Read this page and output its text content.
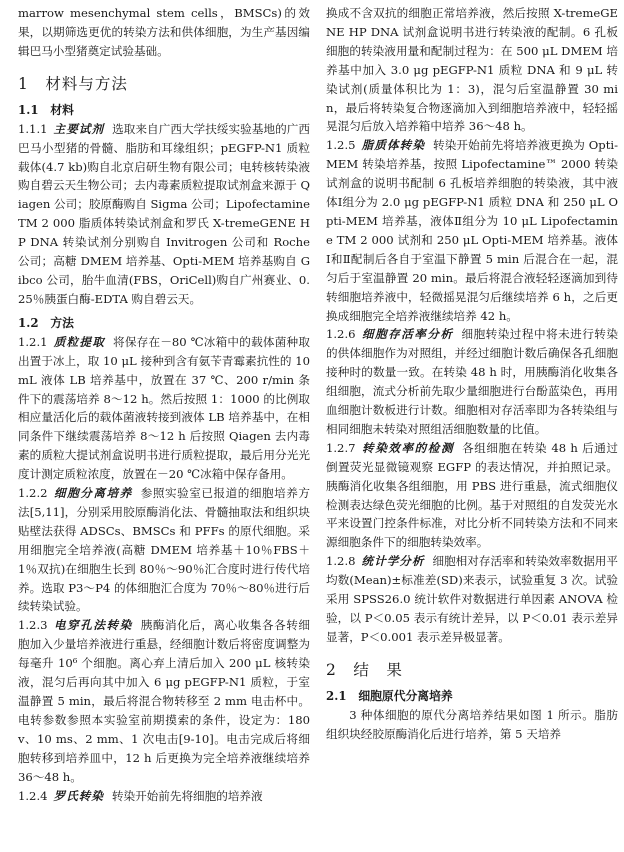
marrow mesenchymal stem cells，BMSCs)的效果，以期筛选更优的转染方法和供体细胞，为生产基因编辑巴马小型猪奠定试验基础。

1　材料与方法
1.1　材料

1.1.1 主要试剂 选取来自广西大学扶绥实验基地的广西巴马小型猪的骨髓、脂肪和耳缘组织；pEGFP-N1 质粒载体(4.7 kb)购自北京启研生物有限公司；电转核转染液购自碧云天生物公司；去内毒素质粒提取试剂盒来源于 Qiagen 公司；胶原酶购自 Sigma 公司；Lipofectamine TM 2 000 脂质体转染试剂盒和罗氏 X-tremeGENE HP DNA 转染试剂分别购自 Invitrogen 公司和 Roche 公司；高糖 DMEM 培养基、Opti-MEM 培养基购自 Gibco 公司，胎牛血清(FBS，OriCell)购自广州赛业、0.25％胰蛋白酶-EDTA 购自碧云天。

1.2　方法

1.2.1 质粒提取 将保存在－80 ℃冰箱中的载体菌种取出置于冰上，取 10 μL 接种到含有氨苄青霉素抗性的 10 mL 液体 LB 培养基中，放置在 37 ℃、200 r/min 条件下的震荡培养 8～12 h。然后按照 1：1000 的比例取相应量活化后的载体菌液转接到液体 LB 培养基中，在相同条件下继续震荡培养 8～12 h 后按照 Qiagen 去内毒素的质粒大提试剂盒说明书进行质粒提取，最后用分光光度计测定质粒浓度，放置在－20 ℃冰箱中保存备用。

1.2.2 细胞分离培养 参照实验室已报道的细胞培养方法[5,11]，分别采用胶原酶消化法、骨髓抽取法和组织块贴壁法获得 ADSCs、BMSCs 和 PFFs 的原代细胞。采用细胞完全培养液(高糖 DMEM 培养基＋10％FBS＋1％双抗)在细胞生长到 80％～90％汇合度时进行传代培养。选取 P3～P4 的体细胞汇合度为 70％～80％进行后续转染试验。

1.2.3 电穿孔法转染 胰酶消化后，离心收集各各转细胞加入少量培养液进行重悬，经细胞计数后将密度调整为每毫升 10⁶ 个细胞。离心弃上清后加入 200 μL 核转染液，混匀后再向其中加入 6 μg pEGFP-N1 质粒，于室温静置 5 min，最后将混合物转移至 2 mm 电击杯中。电转参数参照本实验室前期摸索的条件，设定为：180 v、10 ms、2 mm、1 次电击[9-10]。电击完成后将细胞转移到培养皿中，12 h 后更换为完全培养液继续培养 36～48 h。

1.2.4 罗氏转染 转染开始前先将细胞的培养液

换成不含双抗的细胞正常培养液，然后按照 X-tremeGENE HP DNA 试剂盒说明书进行转染液的配制。6 孔板细胞的转染液用量和配制过程为：在 500 μL DMEM 培养基中加入 3.0 μg pEGFP-N1 质粒 DNA 和 9 μL 转染试剂(质量体积比为 1：3)，混匀后室温静置 30 min，最后将转染复合物逐滴加入到细胞培养液中，轻轻摇晃混匀后放入培养箱中培养 36～48 h。

1.2.5 脂质体转染 转染开始前先将培养液更换为 Opti-MEM 转染培养基，按照 Lipofectamine™ 2000 转染试剂盒的说明书配制 6 孔板培养细胞的转染液，其中液体Ⅰ组分为 2.0 μg pEGFP-N1 质粒 DNA 和 250 μL Opti-MEM 培养基，液体Ⅱ组分为 10 μL Lipofectamine TM 2 000 试剂和 250 μL Opti-MEM 培养基。液体Ⅰ和Ⅱ配制后各自于室温下静置 5 min 后混合在一起，混匀后于室温静置 20 min。最后将混合液轻轻逐滴加到待转细胞培养液中，轻微摇晃混匀后继续培养 6 h，之后更换成细胞完全培养液继续培养 42 h。

1.2.6 细胞存活率分析 细胞转染过程中将未进行转染的供体细胞作为对照组，并经过细胞计数后确保各孔细胞接种时的数量一致。在转染 48 h 时，用胰酶消化收集各组细胞，流式分析前先取少量细胞进行台酚蓝染色，再用血细胞计数板进行计数。细胞相对存活率即为各转染组与相同细胞未转染对照组活细胞数量的比值。

1.2.7 转染效率的检测 各组细胞在转染 48 h 后通过倒置荧光显微镜观察 EGFP 的表达情况，并拍照记录。胰酶消化收集各组细胞，用 PBS 进行重悬，流式细胞仪检测表达绿色荧光细胞的比例。基于对照组的自发荧光水平来设置门控条件标准，对比分析不同转染方法和不同来源细胞条件下的细胞转染效率。

1.2.8 统计学分析 细胞相对存活率和转染效率数据用平均数(Mean)±标准差(SD)来表示，试验重复 3 次。试验采用 SPSS26.0 统计软件对数据进行单因素 ANOVA 检验，以 P＜0.05 表示有统计差异，以 P＜0.01 表示差异显著，P＜0.001 表示差异极显著。

2　结　果
2.1　细胞原代分离培养

3 种体细胞的原代分离培养结果如图 1 所示。脂肪组织块经胶原酶消化后进行培养，第 5 天培养
